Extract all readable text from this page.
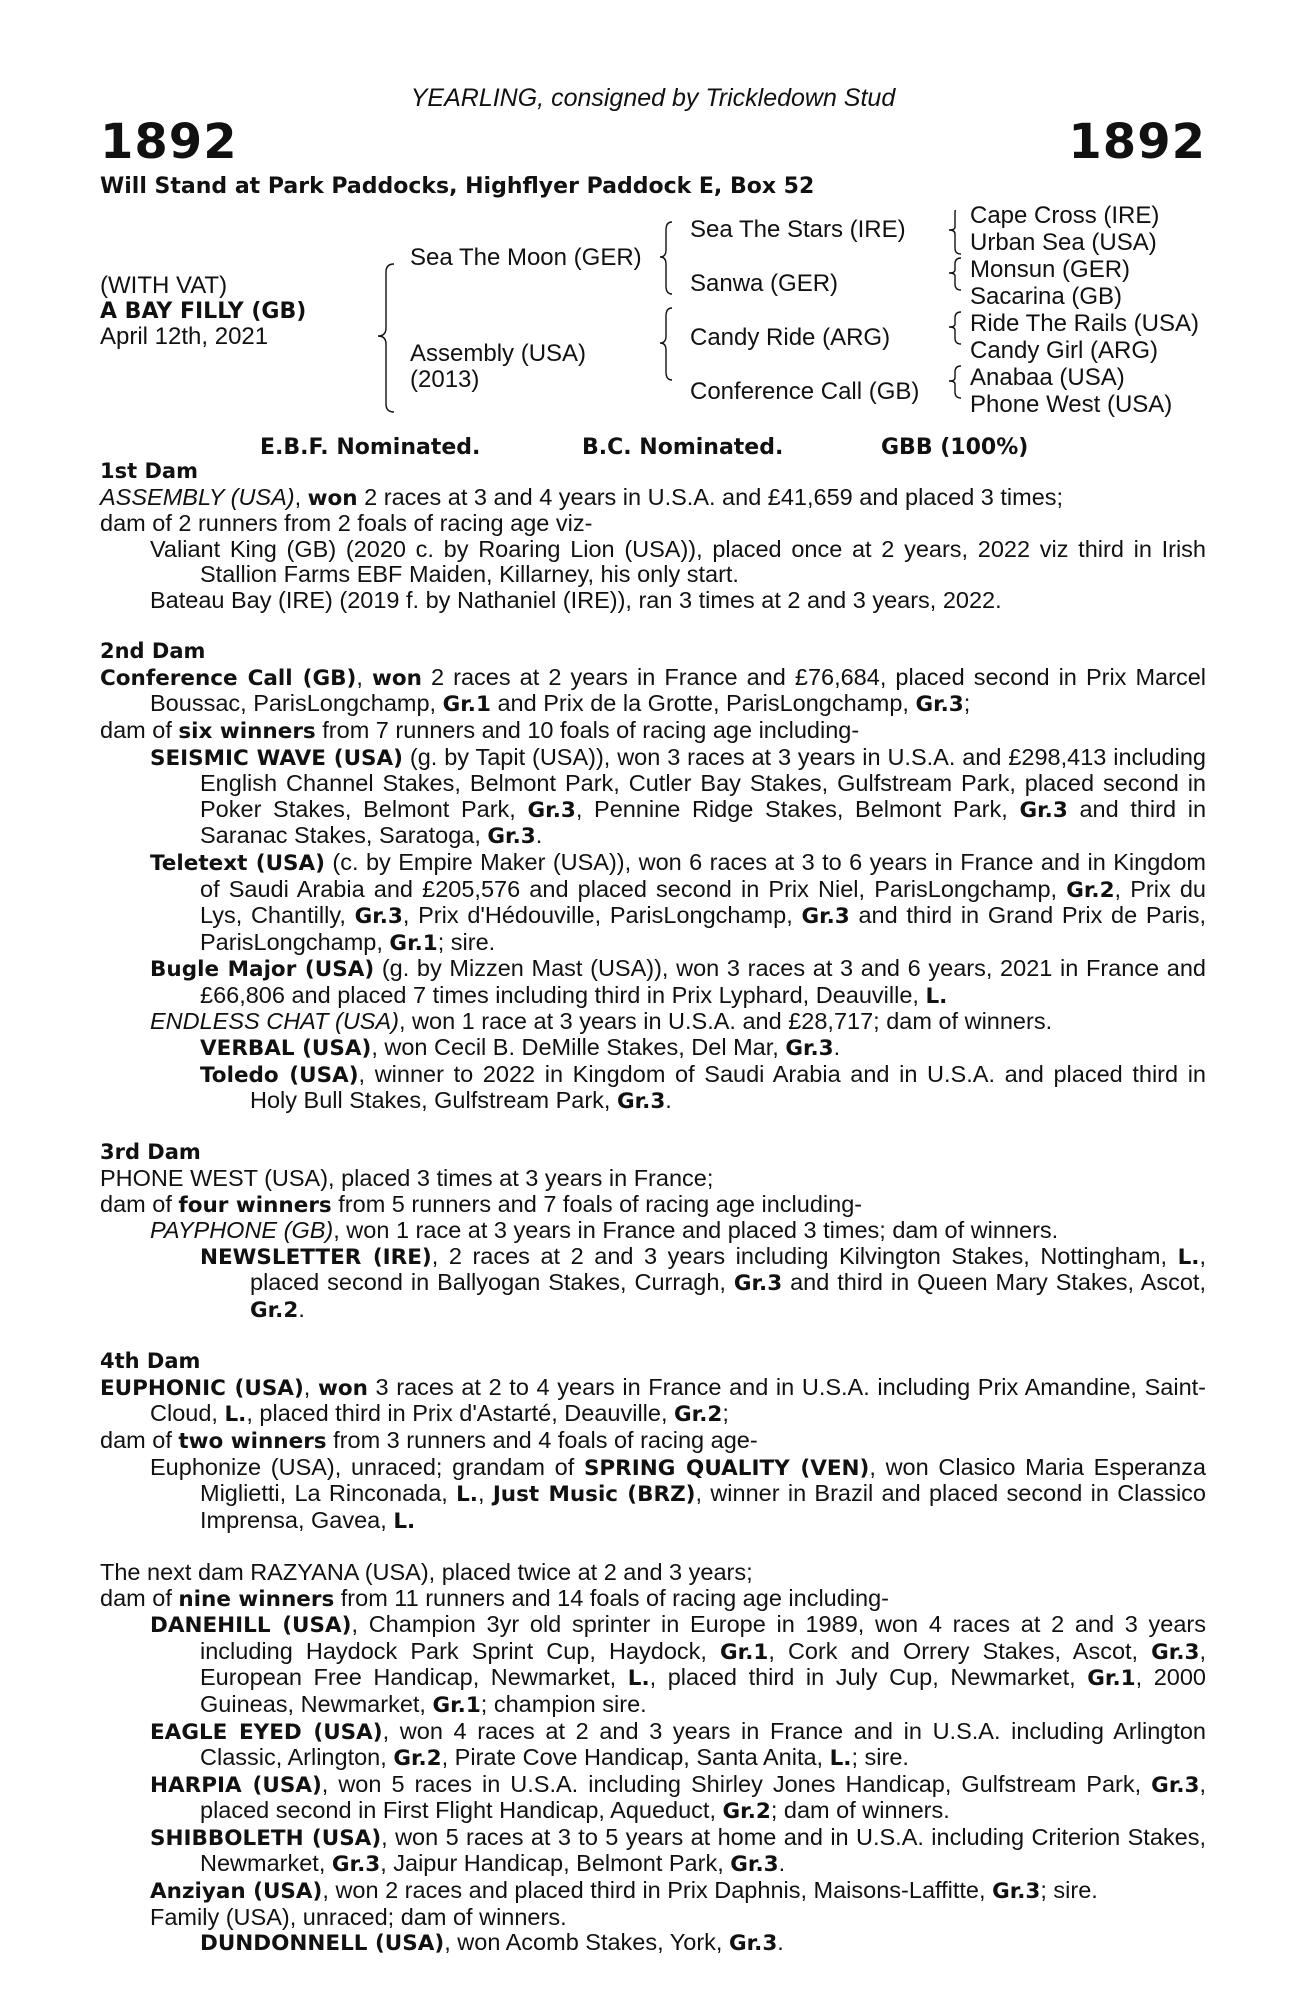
YEARLING, consigned by Trickledown Stud
1892	1892
Will Stand at Park Paddocks, Highflyer Paddock E, Box 52
(WITH VAT)
A BAY FILLY (GB)
April 12th, 2021
Sea The Moon (GER)
Assembly (USA)
(2013)
Sea The Stars (IRE)
Sanwa (GER)
Candy Ride (ARG)
Conference Call (GB)
Cape Cross (IRE)
Urban Sea (USA)
Monsun (GER)
Sacarina (GB)
Ride The Rails (USA)
Candy Girl (ARG)
Anabaa (USA)
Phone West (USA)
E.B.F. Nominated.	B.C. Nominated.	GBB (100%)
1st Dam
ASSEMBLY (USA), won 2 races at 3 and 4 years in U.S.A. and £41,659 and placed 3 times;
dam of 2 runners from 2 foals of racing age viz-
Valiant King (GB) (2020 c. by Roaring Lion (USA)), placed once at 2 years, 2022 viz third in Irish Stallion Farms EBF Maiden, Killarney, his only start.
Bateau Bay (IRE) (2019 f. by Nathaniel (IRE)), ran 3 times at 2 and 3 years, 2022.
2nd Dam
Conference Call (GB), won 2 races at 2 years in France and £76,684, placed second in Prix Marcel Boussac, ParisLongchamp, Gr.1 and Prix de la Grotte, ParisLongchamp, Gr.3;
dam of six winners from 7 runners and 10 foals of racing age including-
SEISMIC WAVE (USA) (g. by Tapit (USA)), won 3 races at 3 years in U.S.A. and £298,413 including English Channel Stakes, Belmont Park, Cutler Bay Stakes, Gulfstream Park, placed second in Poker Stakes, Belmont Park, Gr.3, Pennine Ridge Stakes, Belmont Park, Gr.3 and third in Saranac Stakes, Saratoga, Gr.3.
Teletext (USA) (c. by Empire Maker (USA)), won 6 races at 3 to 6 years in France and in Kingdom of Saudi Arabia and £205,576 and placed second in Prix Niel, ParisLongchamp, Gr.2, Prix du Lys, Chantilly, Gr.3, Prix d'Hédouville, ParisLongchamp, Gr.3 and third in Grand Prix de Paris, ParisLongchamp, Gr.1; sire.
Bugle Major (USA) (g. by Mizzen Mast (USA)), won 3 races at 3 and 6 years, 2021 in France and £66,806 and placed 7 times including third in Prix Lyphard, Deauville, L.
ENDLESS CHAT (USA), won 1 race at 3 years in U.S.A. and £28,717; dam of winners.
VERBAL (USA), won Cecil B. DeMille Stakes, Del Mar, Gr.3.
Toledo (USA), winner to 2022 in Kingdom of Saudi Arabia and in U.S.A. and placed third in Holy Bull Stakes, Gulfstream Park, Gr.3.
3rd Dam
PHONE WEST (USA), placed 3 times at 3 years in France;
dam of four winners from 5 runners and 7 foals of racing age including-
PAYPHONE (GB), won 1 race at 3 years in France and placed 3 times; dam of winners.
NEWSLETTER (IRE), 2 races at 2 and 3 years including Kilvington Stakes, Nottingham, L., placed second in Ballyogan Stakes, Curragh, Gr.3 and third in Queen Mary Stakes, Ascot, Gr.2.
4th Dam
EUPHONIC (USA), won 3 races at 2 to 4 years in France and in U.S.A. including Prix Amandine, Saint-Cloud, L., placed third in Prix d'Astarté, Deauville, Gr.2;
dam of two winners from 3 runners and 4 foals of racing age-
Euphonize (USA), unraced; grandam of SPRING QUALITY (VEN), won Clasico Maria Esperanza Miglietti, La Rinconada, L., Just Music (BRZ), winner in Brazil and placed second in Classico Imprensa, Gavea, L.
The next dam RAZYANA (USA), placed twice at 2 and 3 years;
dam of nine winners from 11 runners and 14 foals of racing age including-
DANEHILL (USA), Champion 3yr old sprinter in Europe in 1989, won 4 races at 2 and 3 years including Haydock Park Sprint Cup, Haydock, Gr.1, Cork and Orrery Stakes, Ascot, Gr.3, European Free Handicap, Newmarket, L., placed third in July Cup, Newmarket, Gr.1, 2000 Guineas, Newmarket, Gr.1; champion sire.
EAGLE EYED (USA), won 4 races at 2 and 3 years in France and in U.S.A. including Arlington Classic, Arlington, Gr.2, Pirate Cove Handicap, Santa Anita, L.; sire.
HARPIA (USA), won 5 races in U.S.A. including Shirley Jones Handicap, Gulfstream Park, Gr.3, placed second in First Flight Handicap, Aqueduct, Gr.2; dam of winners.
SHIBBOLETH (USA), won 5 races at 3 to 5 years at home and in U.S.A. including Criterion Stakes, Newmarket, Gr.3, Jaipur Handicap, Belmont Park, Gr.3.
Anziyan (USA), won 2 races and placed third in Prix Daphnis, Maisons-Laffitte, Gr.3; sire.
Family (USA), unraced; dam of winners.
DUNDONNELL (USA), won Acomb Stakes, York, Gr.3.
